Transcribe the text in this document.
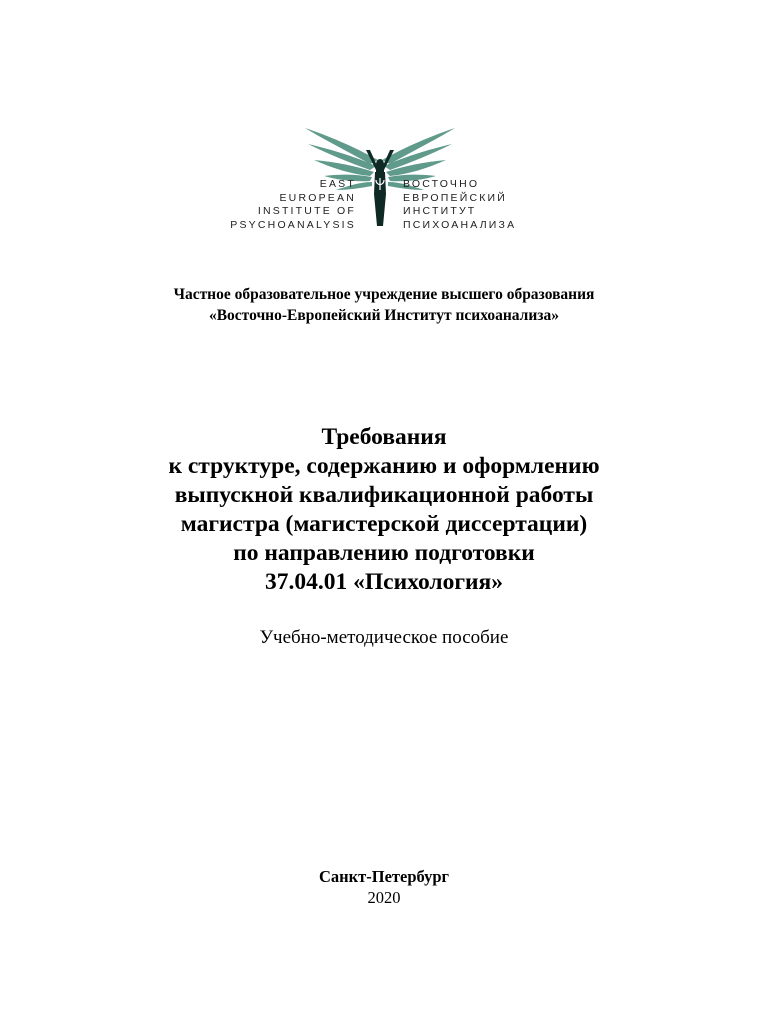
EAST
EUROPEAN
INSTITUTE OF
PSYCHOANALYSIS
ВОСТОЧНО
ЕВРОПЕЙСКИЙ
ИНСТИТУТ
ПСИХОАНАЛИЗА
Частное образовательное учреждение высшего образования
«Восточно-Европейский Институт психоанализа»
Требования
к структуре, содержанию и оформлению
выпускной квалификационной работы
магистра (магистерской диссертации)
по направлению подготовки
37.04.01 «Психология»
Учебно-методическое пособие
Санкт-Петербург
2020
